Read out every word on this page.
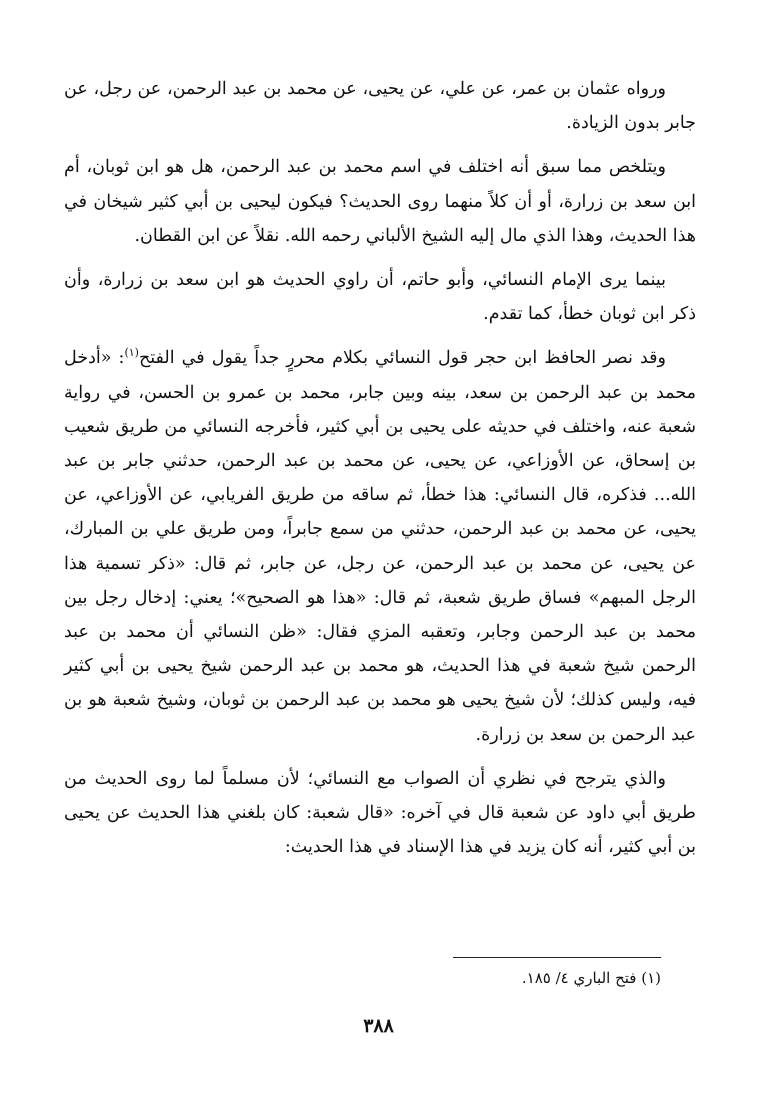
ورواه عثمان بن عمر، عن علي، عن يحيى، عن محمد بن عبد الرحمن، عن رجل، عن جابر بدون الزيادة.

ويتلخص مما سبق أنه اختلف في اسم محمد بن عبد الرحمن، هل هو ابن ثوبان، أم ابن سعد بن زرارة، أو أن كلاً منهما روى الحديث؟ فيكون ليحيى بن أبي كثير شيخان في هذا الحديث، وهذا الذي مال إليه الشيخ الألباني رحمه الله. نقلاً عن ابن القطان.

بينما يرى الإمام النسائي، وأبو حاتم، أن راوي الحديث هو ابن سعد بن زرارة، وأن ذكر ابن ثوبان خطأ، كما تقدم.

وقد نصر الحافظ ابن حجر قول النسائي بكلام محررٍ جداً يقول في الفتح$^{(١)}$: «أدخل محمد بن عبد الرحمن بن سعد، بينه وبين جابر، محمد بن عمرو بن الحسن، في رواية شعبة عنه، واختلف في حديثه على يحيى بن أبي كثير، فأخرجه النسائي من طريق شعيب بن إسحاق، عن الأوزاعي، عن يحيى، عن محمد بن عبد الرحمن، حدثني جابر بن عبد الله... فذكره، قال النسائي: هذا خطأ، ثم ساقه من طريق الفريابي، عن الأوزاعي، عن يحيى، عن محمد بن عبد الرحمن، حدثني من سمع جابراً، ومن طريق علي بن المبارك، عن يحيى، عن محمد بن عبد الرحمن، عن رجل، عن جابر، ثم قال: «ذكر تسمية هذا الرجل المبهم» فساق طريق شعبة، ثم قال: «هذا هو الصحيح»؛ يعني: إدخال رجل بين محمد بن عبد الرحمن وجابر، وتعقبه المزي فقال: «ظن النسائي أن محمد بن عبد الرحمن شيخ شعبة في هذا الحديث، هو محمد بن عبد الرحمن شيخ يحيى بن أبي كثير فيه، وليس كذلك؛ لأن شيخ يحيى هو محمد بن عبد الرحمن بن ثوبان، وشيخ شعبة هو بن عبد الرحمن بن سعد بن زرارة.

والذي يترجح في نظري أن الصواب مع النسائي؛ لأن مسلماً لما روى الحديث من طريق أبي داود عن شعبة قال في آخره: «قال شعبة: كان بلغني هذا الحديث عن يحيى بن أبي كثير، أنه كان يزيد في هذا الإسناد في هذا الحديث:

(١) فتح الباري ٤/ ١٨٥.
٣٨٨
